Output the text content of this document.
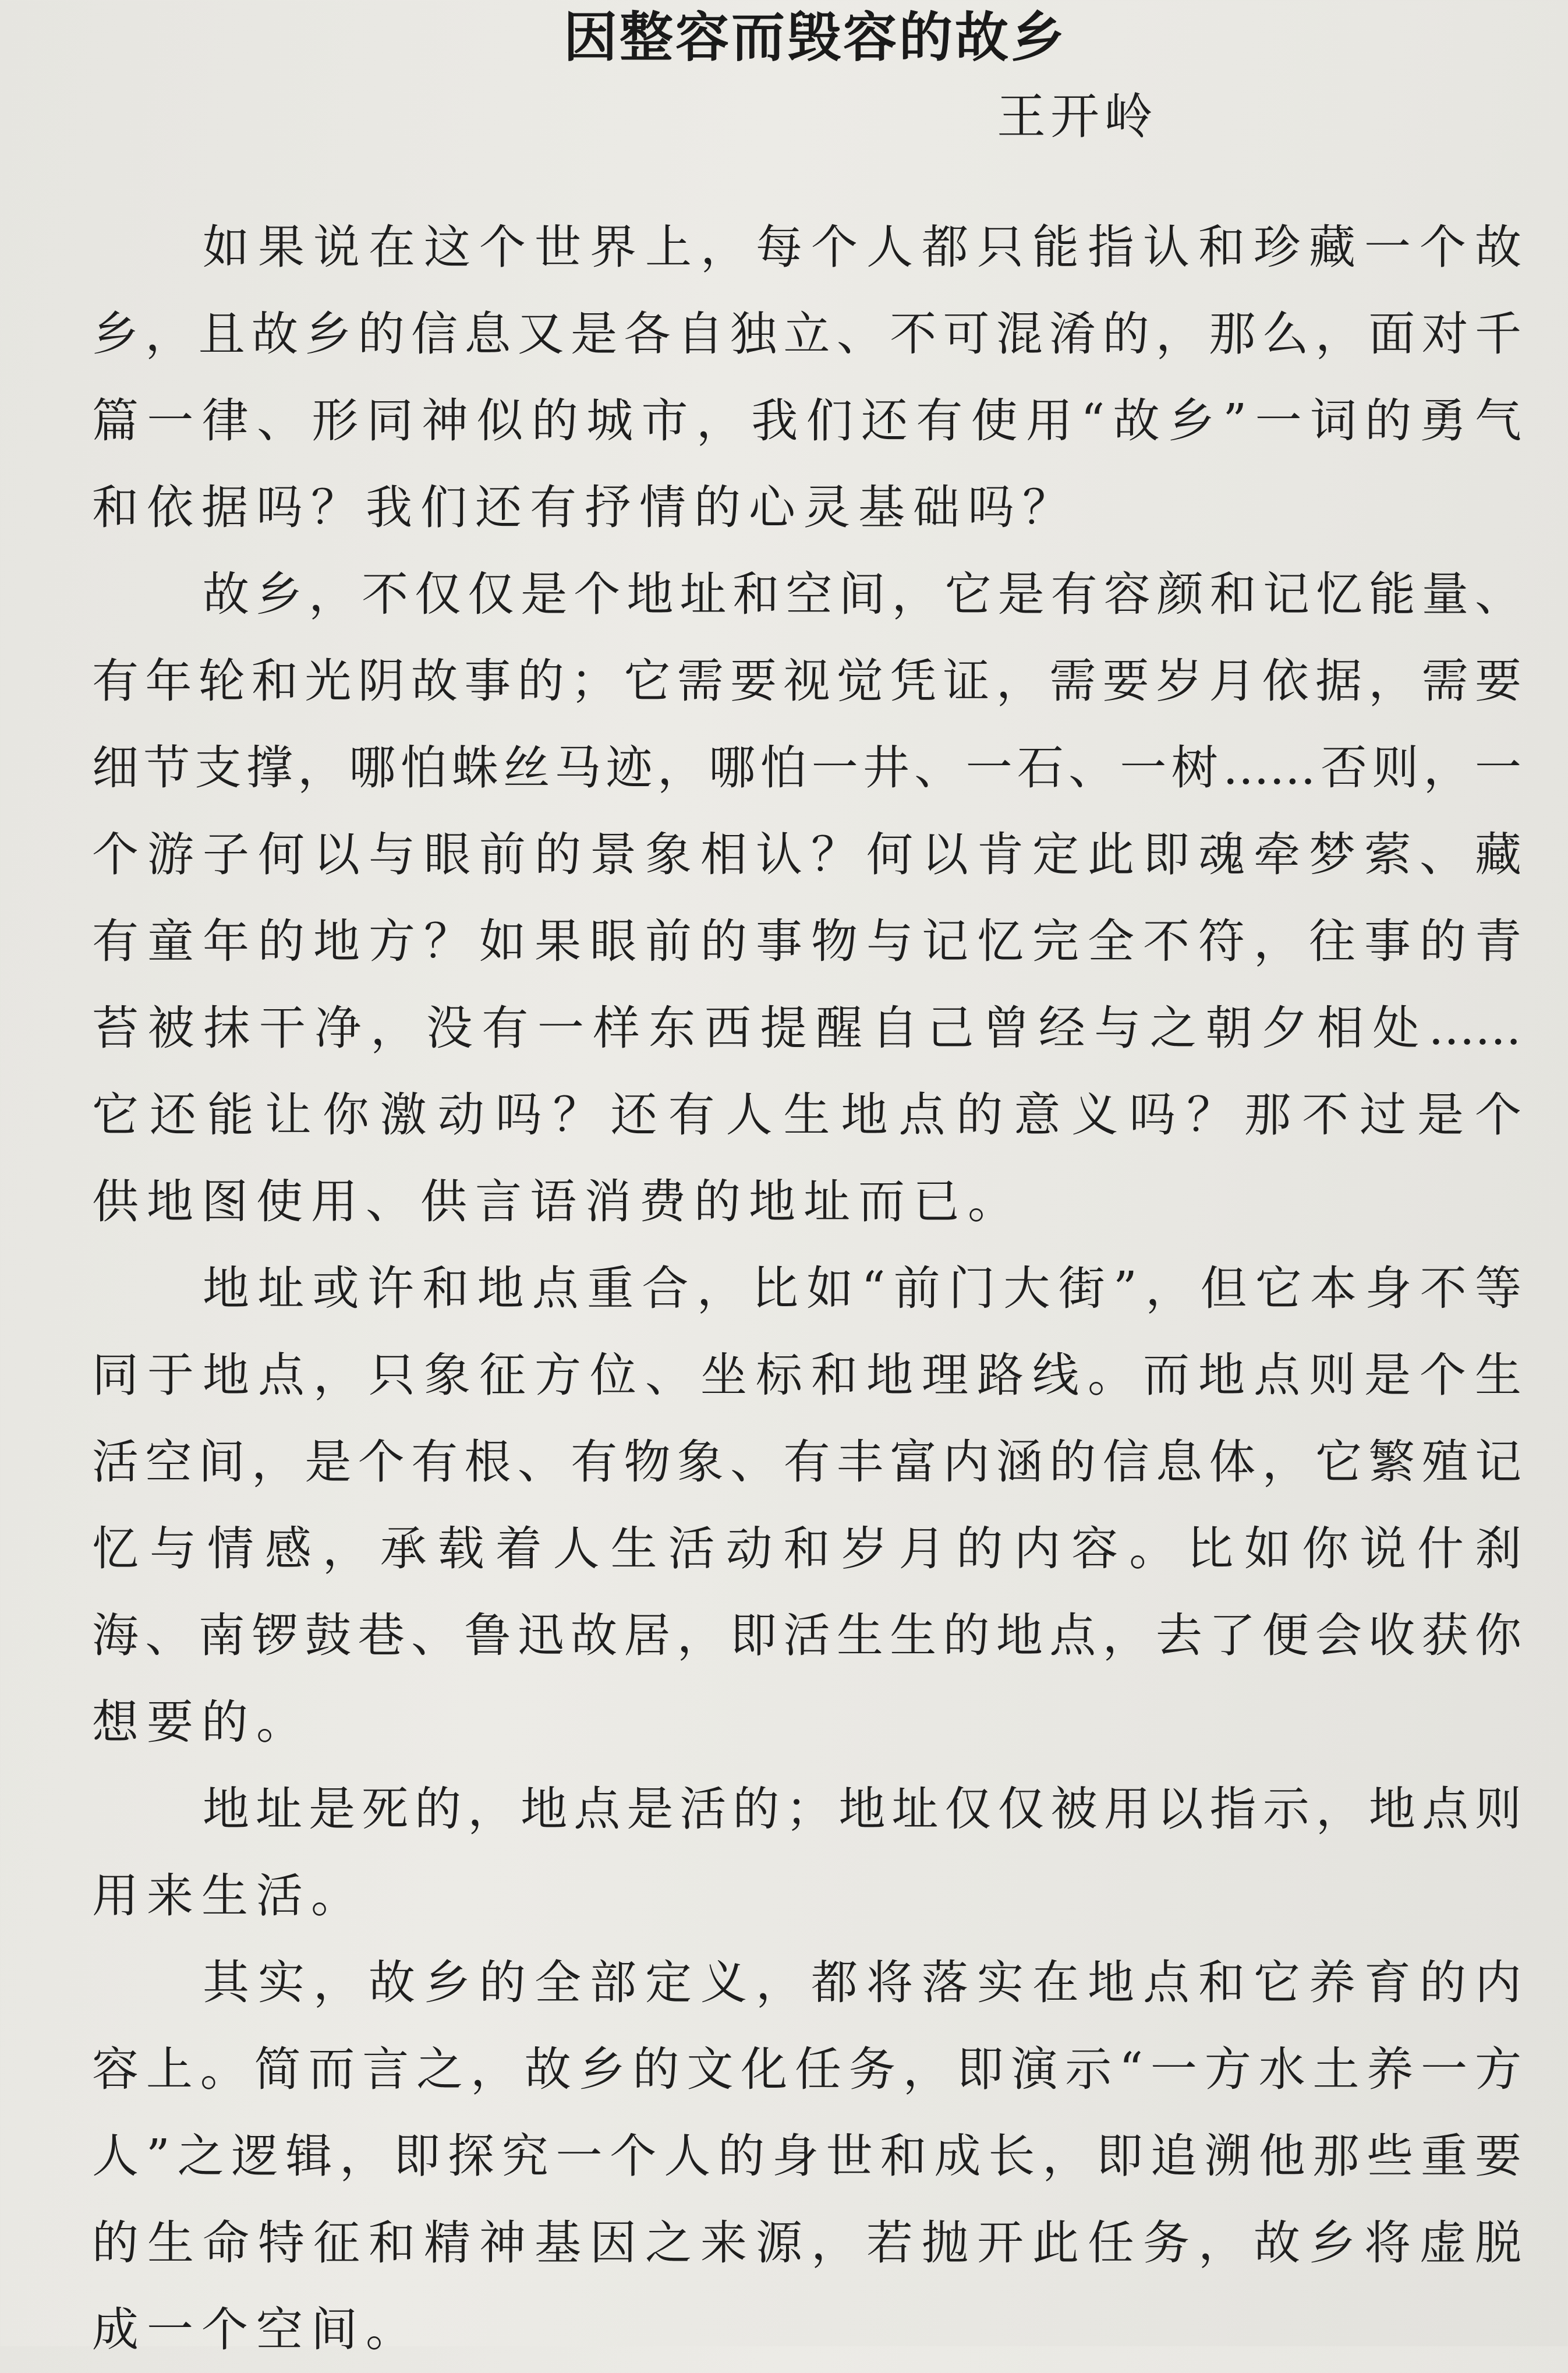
因整容而毁容的故乡
王开岭
如果说在这个世界上，每个人都只能指认和珍藏一个故
乡，且故乡的信息又是各自独立、不可混淆的，那么，面对千
篇一律、形同神似的城市，我们还有使用“故乡”一词的勇气
和依据吗？我们还有抒情的心灵基础吗？
故乡，不仅仅是个地址和空间，它是有容颜和记忆能量、
有年轮和光阴故事的；它需要视觉凭证，需要岁月依据，需要
细节支撑，哪怕蛛丝马迹，哪怕一井、一石、一树……否则，一
个游子何以与眼前的景象相认？何以肯定此即魂牵梦萦、藏
有童年的地方？如果眼前的事物与记忆完全不符，往事的青
苔被抹干净，没有一样东西提醒自己曾经与之朝夕相处……
它还能让你激动吗？还有人生地点的意义吗？那不过是个
供地图使用、供言语消费的地址而已。
地址或许和地点重合，比如“前门大街”，但它本身不等
同于地点，只象征方位、坐标和地理路线。而地点则是个生
活空间，是个有根、有物象、有丰富内涵的信息体，它繁殖记
忆与情感，承载着人生活动和岁月的内容。比如你说什刹
海、南锣鼓巷、鲁迅故居，即活生生的地点，去了便会收获你
想要的。
地址是死的，地点是活的；地址仅仅被用以指示，地点则
用来生活。
其实，故乡的全部定义，都将落实在地点和它养育的内
容上。简而言之，故乡的文化任务，即演示“一方水土养一方
人”之逻辑，即探究一个人的身世和成长，即追溯他那些重要
的生命特征和精神基因之来源，若抛开此任务，故乡将虚脱
成一个空间。
